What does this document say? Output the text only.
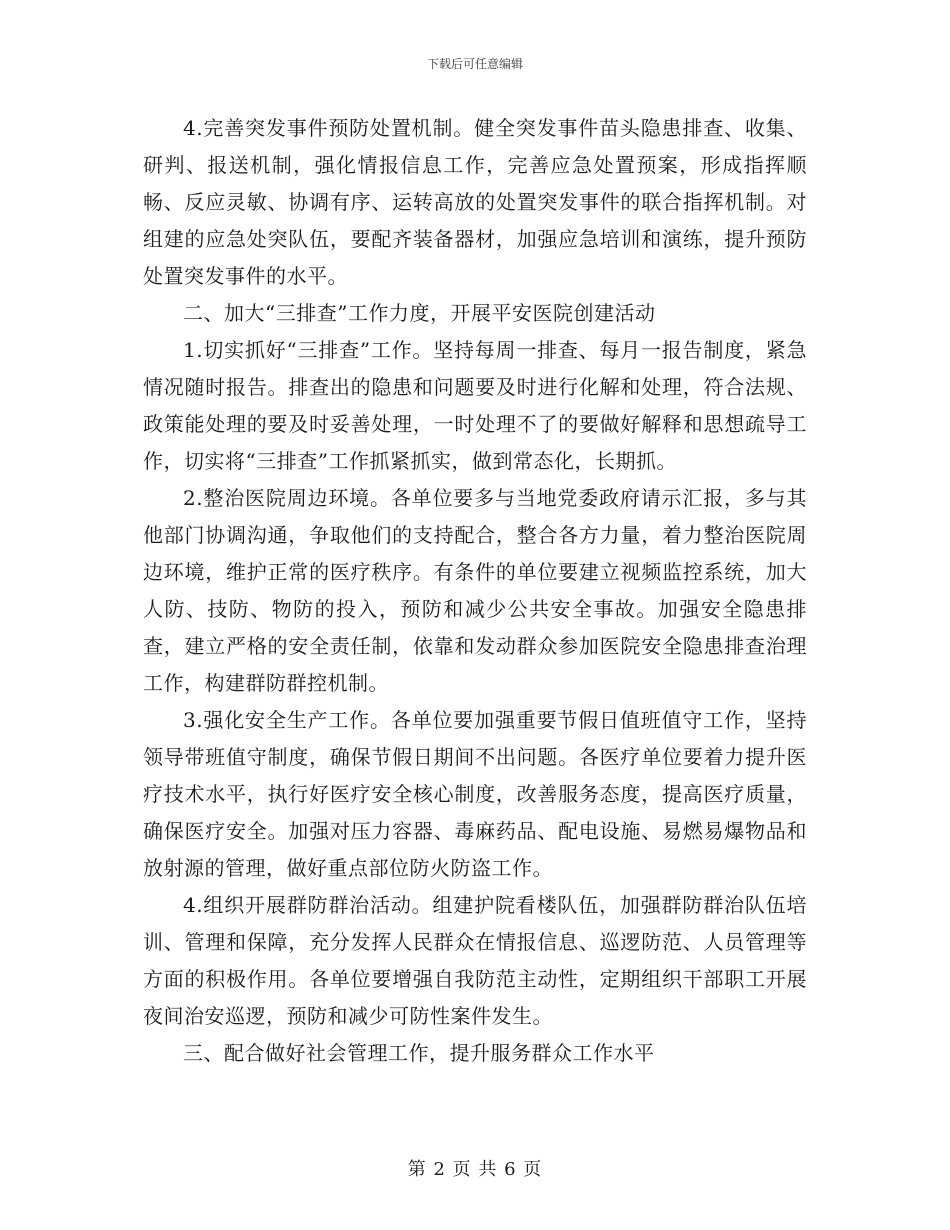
下载后可任意编辑

4.完善突发事件预防处置机制。健全突发事件苗头隐患排查、收集、研判、报送机制，强化情报信息工作，完善应急处置预案，形成指挥顺畅、反应灵敏、协调有序、运转高放的处置突发事件的联合指挥机制。对组建的应急处突队伍，要配齐装备器材，加强应急培训和演练，提升预防处置突发事件的水平。

二、加大“三排查”工作力度，开展平安医院创建活动

1.切实抓好“三排查”工作。坚持每周一排查、每月一报告制度，紧急情况随时报告。排查出的隐患和问题要及时进行化解和处理，符合法规、政策能处理的要及时妥善处理，一时处理不了的要做好解释和思想疏导工作，切实将“三排查”工作抓紧抓实，做到常态化，长期抓。

2.整治医院周边环境。各单位要多与当地党委政府请示汇报，多与其他部门协调沟通，争取他们的支持配合，整合各方力量，着力整治医院周边环境，维护正常的医疗秩序。有条件的单位要建立视频监控系统，加大人防、技防、物防的投入，预防和减少公共安全事故。加强安全隐患排查，建立严格的安全责任制，依靠和发动群众参加医院安全隐患排查治理工作，构建群防群控机制。

3.强化安全生产工作。各单位要加强重要节假日值班值守工作，坚持领导带班值守制度，确保节假日期间不出问题。各医疗单位要着力提升医疗技术水平，执行好医疗安全核心制度，改善服务态度，提高医疗质量，确保医疗安全。加强对压力容器、毒麻药品、配电设施、易燃易爆物品和放射源的管理，做好重点部位防火防盗工作。

4.组织开展群防群治活动。组建护院看楼队伍，加强群防群治队伍培训、管理和保障，充分发挥人民群众在情报信息、巡逻防范、人员管理等方面的积极作用。各单位要增强自我防范主动性，定期组织干部职工开展夜间治安巡逻，预防和减少可防性案件发生。

三、配合做好社会管理工作，提升服务群众工作水平

第 2 页 共 6 页
